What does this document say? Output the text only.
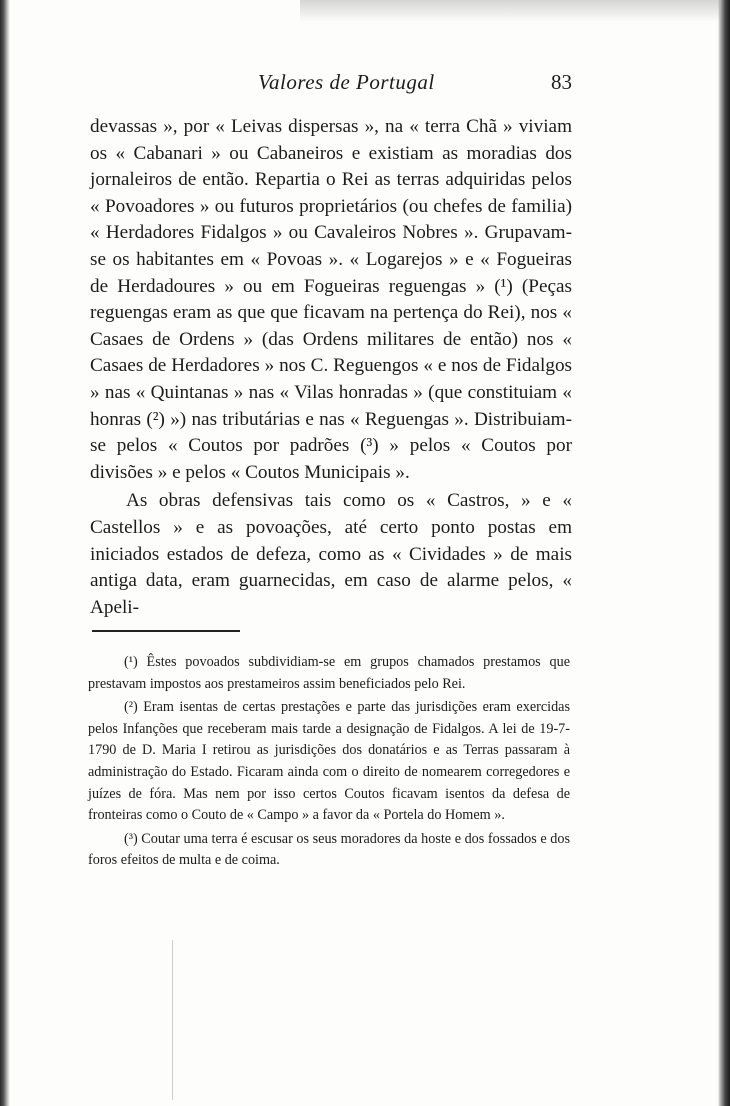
Valores de Portugal	83

devassas », por « Leivas dispersas », na « terra Chã » viviam os « Cabanari » ou Cabaneiros e existiam as moradias dos jornaleiros de então. Repartia o Rei as terras adquiridas pelos « Povoadores » ou futuros proprietários (ou chefes de familia) « Herdadores Fidalgos » ou Cavaleiros Nobres ». Grupavam-se os habitantes em « Povoas ». « Logarejos » e « Fogueiras de Herdadoures » ou em Fogueiras reguengas » (¹) (Peças reguengas eram as que que ficavam na pertença do Rei), nos « Casaes de Ordens » (das Ordens militares de então) nos « Casaes de Herdadores » nos C. Reguengos « e nos de Fidalgos » nas « Quintanas » nas « Vilas honradas » (que constituiam « honras (²) ») nas tributárias e nas « Reguengas ». Distribuiam-se pelos « Coutos por padrões (³) » pelos « Coutos por divisões » e pelos « Coutos Municipais ».

As obras defensivas tais como os « Castros, » e « Castellos » e as povoações, até certo ponto postas em iniciados estados de defeza, como as « Cividades » de mais antiga data, eram guarnecidas, em caso de alarme pelos, « Apeli-

(¹) Êstes povoados subdividiam-se em grupos chamados prestamos que prestavam impostos aos prestameiros assim beneficiados pelo Rei.

(²) Eram isentas de certas prestações e parte das jurisdições eram exercidas pelos Infanções que receberam mais tarde a designação de Fidalgos. A lei de 19-7-1790 de D. Maria I retirou as jurisdições dos donatários e as Terras passaram à administração do Estado. Ficaram ainda com o direito de nomearem corregedores e juízes de fóra. Mas nem por isso certos Coutos ficavam isentos da defesa de fronteiras como o Couto de « Campo » a favor da « Portela do Homem ».

(³) Coutar uma terra é escusar os seus moradores da hoste e dos fossados e dos foros efeitos de multa e de coima.
